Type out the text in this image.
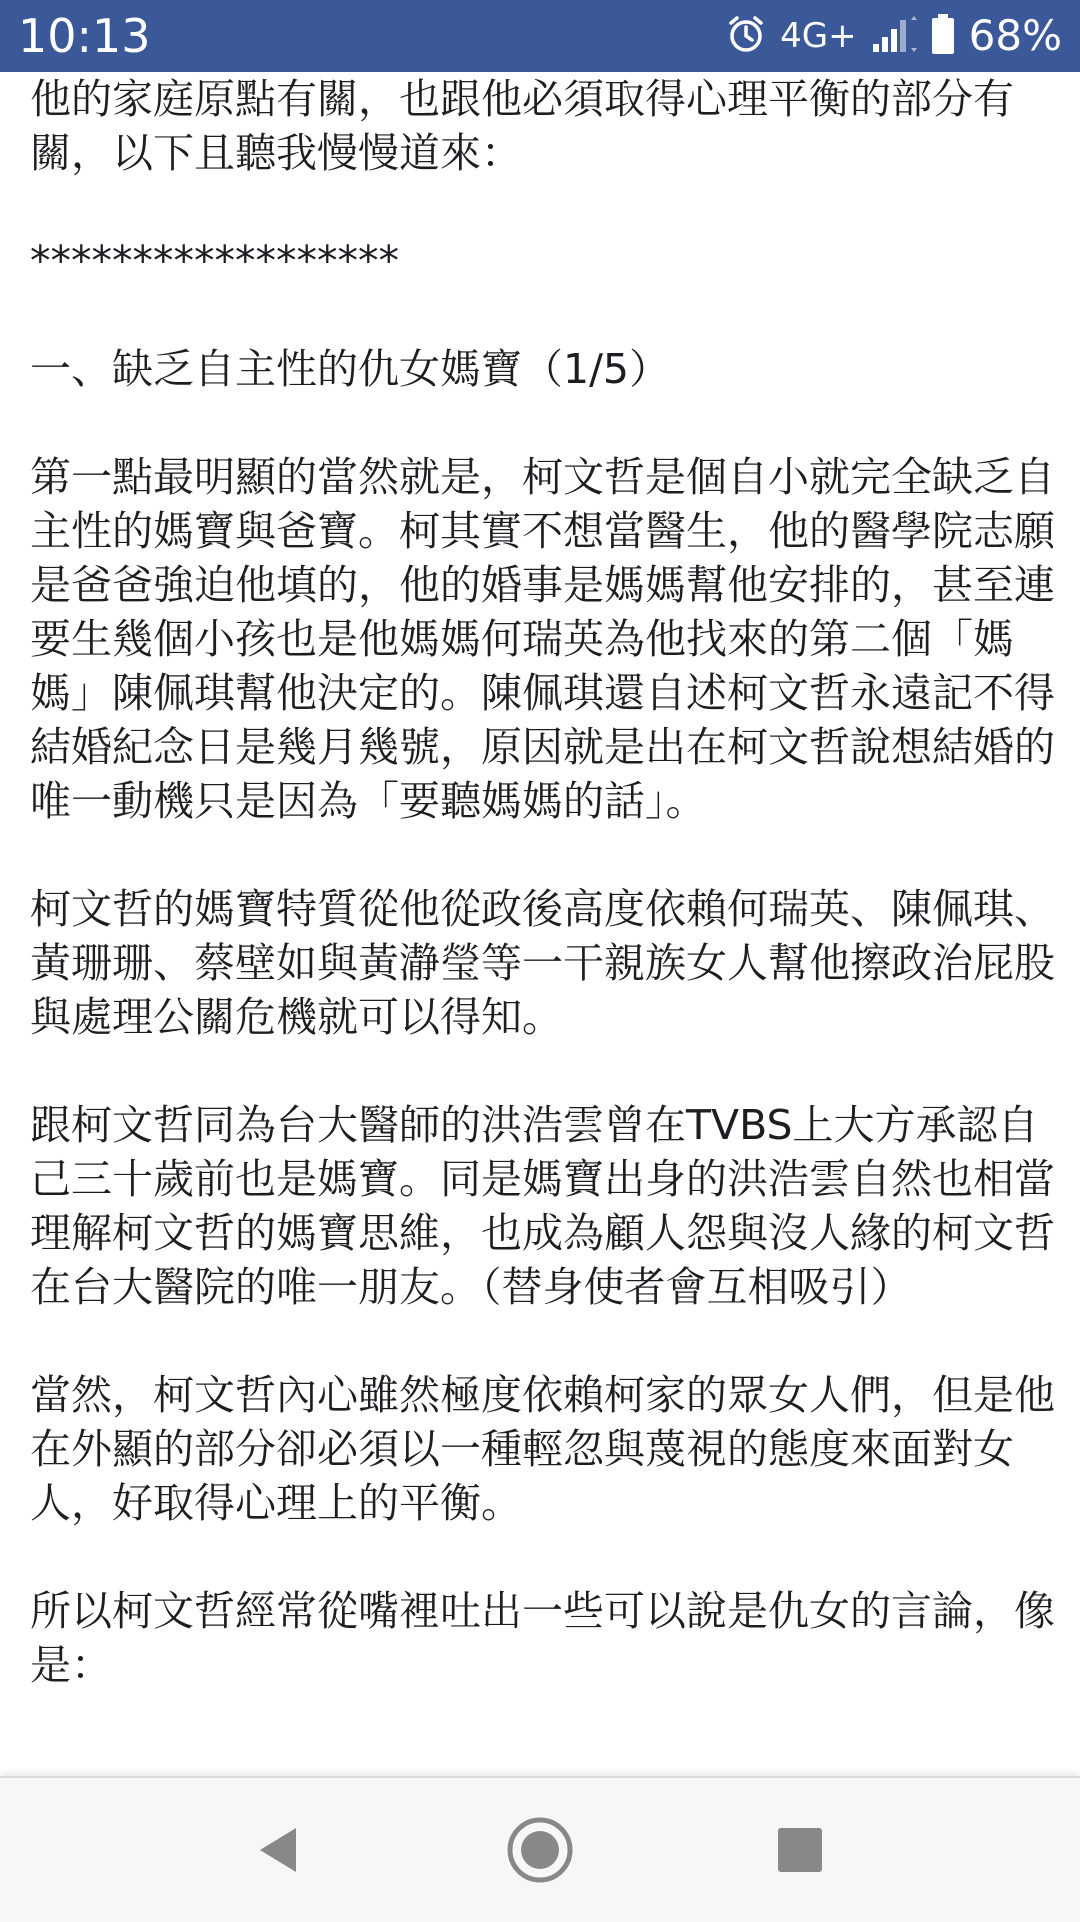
10:13	4G+	68%

他的家庭原點有關，也跟他必須取得心理平衡的部分有關，以下且聽我慢慢道來：

******************

一、缺乏自主性的仇女媽寶（1/5）

第一點最明顯的當然就是，柯文哲是個自小就完全缺乏自主性的媽寶與爸寶。柯其實不想當醫生，他的醫學院志願是爸爸強迫他填的，他的婚事是媽媽幫他安排的，甚至連要生幾個小孩也是他媽媽何瑞英為他找來的第二個「媽媽」陳佩琪幫他決定的。陳佩琪還自述柯文哲永遠記不得結婚紀念日是幾月幾號，原因就是出在柯文哲說想結婚的唯一動機只是因為「要聽媽媽的話」。

柯文哲的媽寶特質從他從政後高度依賴何瑞英、陳佩琪、黃珊珊、蔡壁如與黃瀞瑩等一干親族女人幫他擦政治屁股與處理公關危機就可以得知。

跟柯文哲同為台大醫師的洪浩雲曾在TVBS上大方承認自己三十歲前也是媽寶。同是媽寶出身的洪浩雲自然也相當理解柯文哲的媽寶思維，也成為顧人怨與沒人緣的柯文哲在台大醫院的唯一朋友。（替身使者會互相吸引）

當然，柯文哲內心雖然極度依賴柯家的眾女人們，但是他在外顯的部分卻必須以一種輕忽與蔑視的態度來面對女人，好取得心理上的平衡。

所以柯文哲經常從嘴裡吐出一些可以說是仇女的言論，像是：
